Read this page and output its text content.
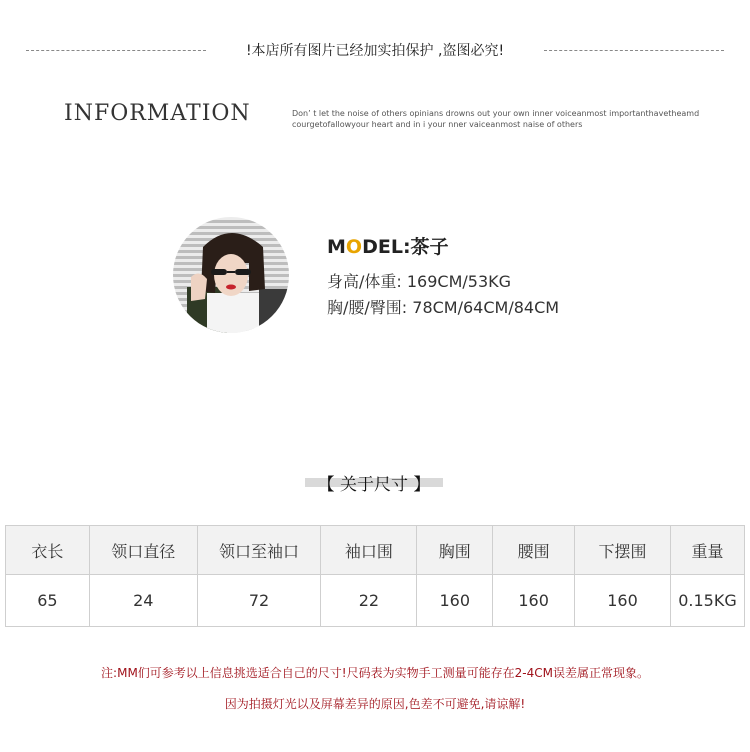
!本店所有图片已经加实拍保护 ,盗图必究!
INFORMATION	Don’ t let the noise of others opinians drowns out your own inner voiceanmost importanthavetheamd
courgetofallowyour heart and in i your nner vaiceanmost naise of others
MODEL:茶子
身高/体重: 169CM/53KG
胸/腰/臀围: 78CM/64CM/84CM
【 关于尺寸 】
衣长	领口直径	领口至袖口	袖口围	胸围	腰围	下摆围	重量
65	24	72	22	160	160	160	0.15KG
注:MM们可参考以上信息挑选适合自己的尺寸!尺码表为实物手工测量可能存在2-4CM误差属正常现象。
因为拍摄灯光以及屏幕差异的原因,色差不可避免,请谅解!
